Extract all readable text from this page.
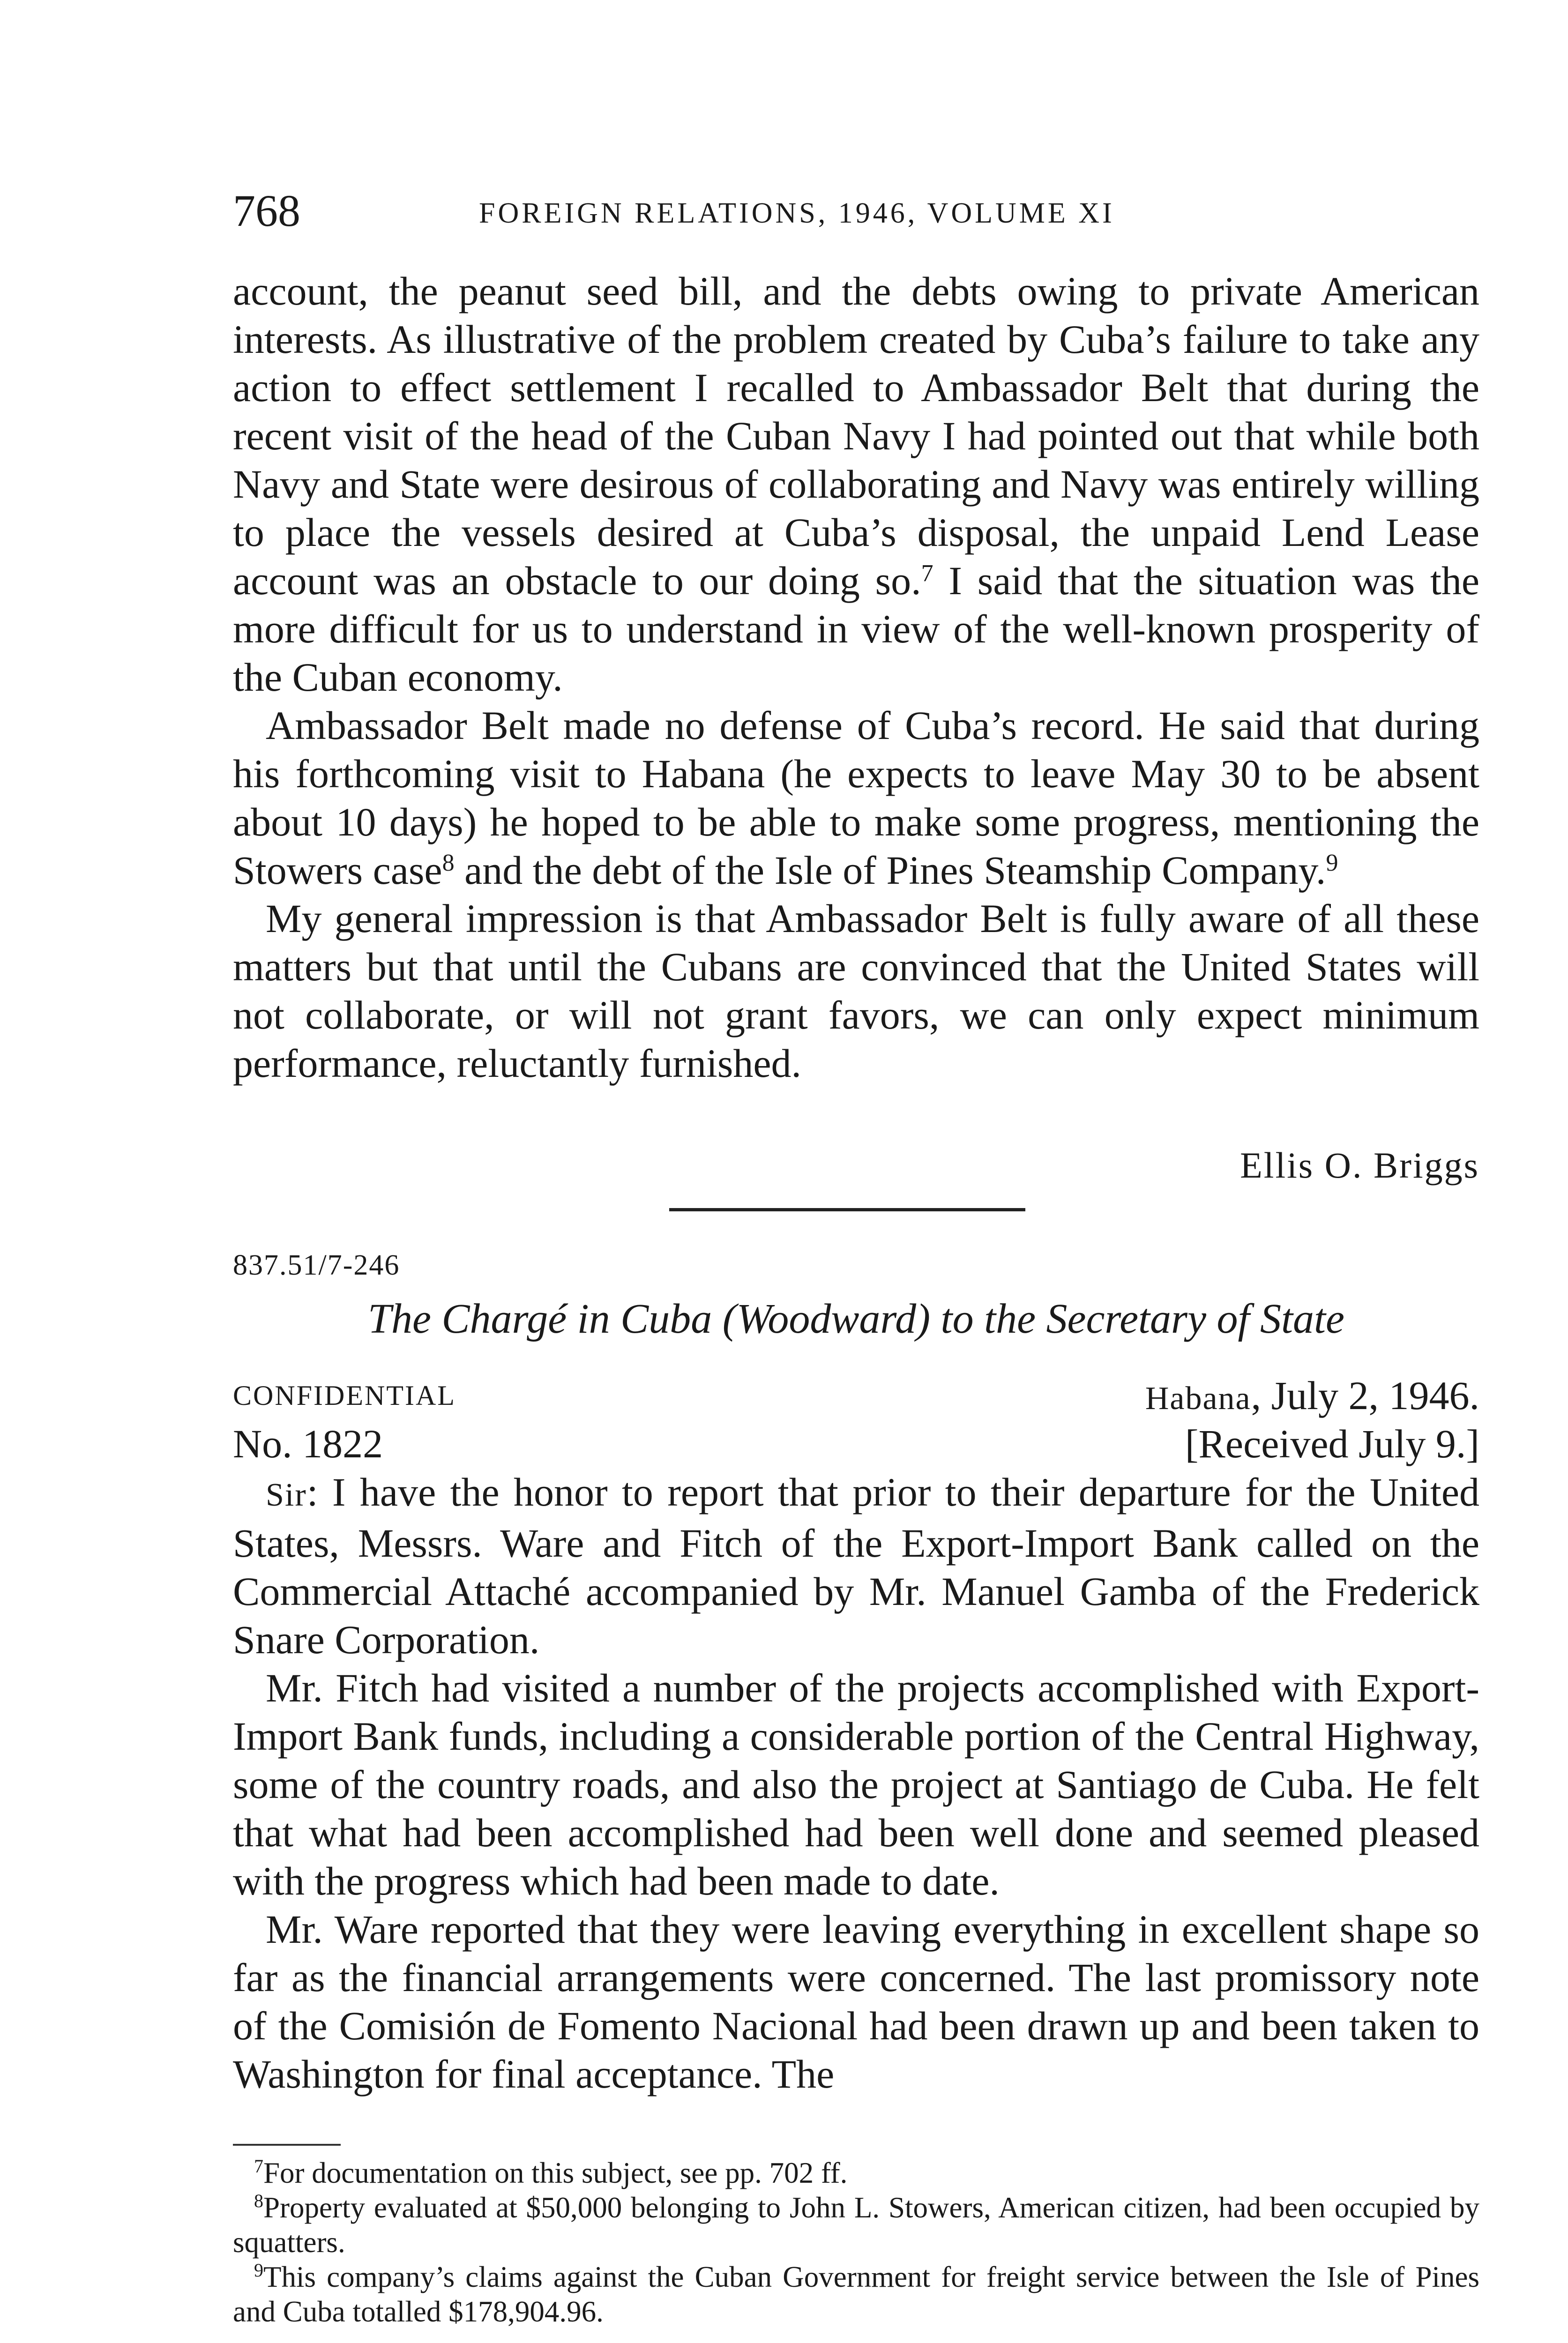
768	FOREIGN RELATIONS, 1946, VOLUME XI

account, the peanut seed bill, and the debts owing to private American interests. As illustrative of the problem created by Cuba’s failure to take any action to effect settlement I recalled to Ambassador Belt that during the recent visit of the head of the Cuban Navy I had pointed out that while both Navy and State were desirous of collaborating and Navy was entirely willing to place the vessels desired at Cuba’s disposal, the unpaid Lend Lease account was an obstacle to our doing so.$^7$ I said that the situation was the more difficult for us to understand in view of the well-known prosperity of the Cuban economy.

Ambassador Belt made no defense of Cuba’s record. He said that during his forthcoming visit to Habana (he expects to leave May 30 to be absent about 10 days) he hoped to be able to make some progress, mentioning the Stowers case$^8$ and the debt of the Isle of Pines Steamship Company.$^9$

My general impression is that Ambassador Belt is fully aware of all these matters but that until the Cubans are convinced that the United States will not collaborate, or will not grant favors, we can only expect minimum performance, reluctantly furnished.

Ellis O. Briggs
837.51/7-246
The Chargé in Cuba (Woodward) to the Secretary of State
CONFIDENTIAL	Habana, July 2, 1946.
No. 1822	[Received July 9.]

Sir: I have the honor to report that prior to their departure for the United States, Messrs. Ware and Fitch of the Export-Import Bank called on the Commercial Attaché accompanied by Mr. Manuel Gamba of the Frederick Snare Corporation.

Mr. Fitch had visited a number of the projects accomplished with Export-Import Bank funds, including a considerable portion of the Central Highway, some of the country roads, and also the project at Santiago de Cuba. He felt that what had been accomplished had been well done and seemed pleased with the progress which had been made to date.

Mr. Ware reported that they were leaving everything in excellent shape so far as the financial arrangements were concerned. The last promissory note of the Comisión de Fomento Nacional had been drawn up and been taken to Washington for final acceptance. The

$^7$For documentation on this subject, see pp. 702 ff.

$^8$Property evaluated at $50,000 belonging to John L. Stowers, American citizen, had been occupied by squatters.

$^9$This company’s claims against the Cuban Government for freight service between the Isle of Pines and Cuba totalled $178,904.96.
